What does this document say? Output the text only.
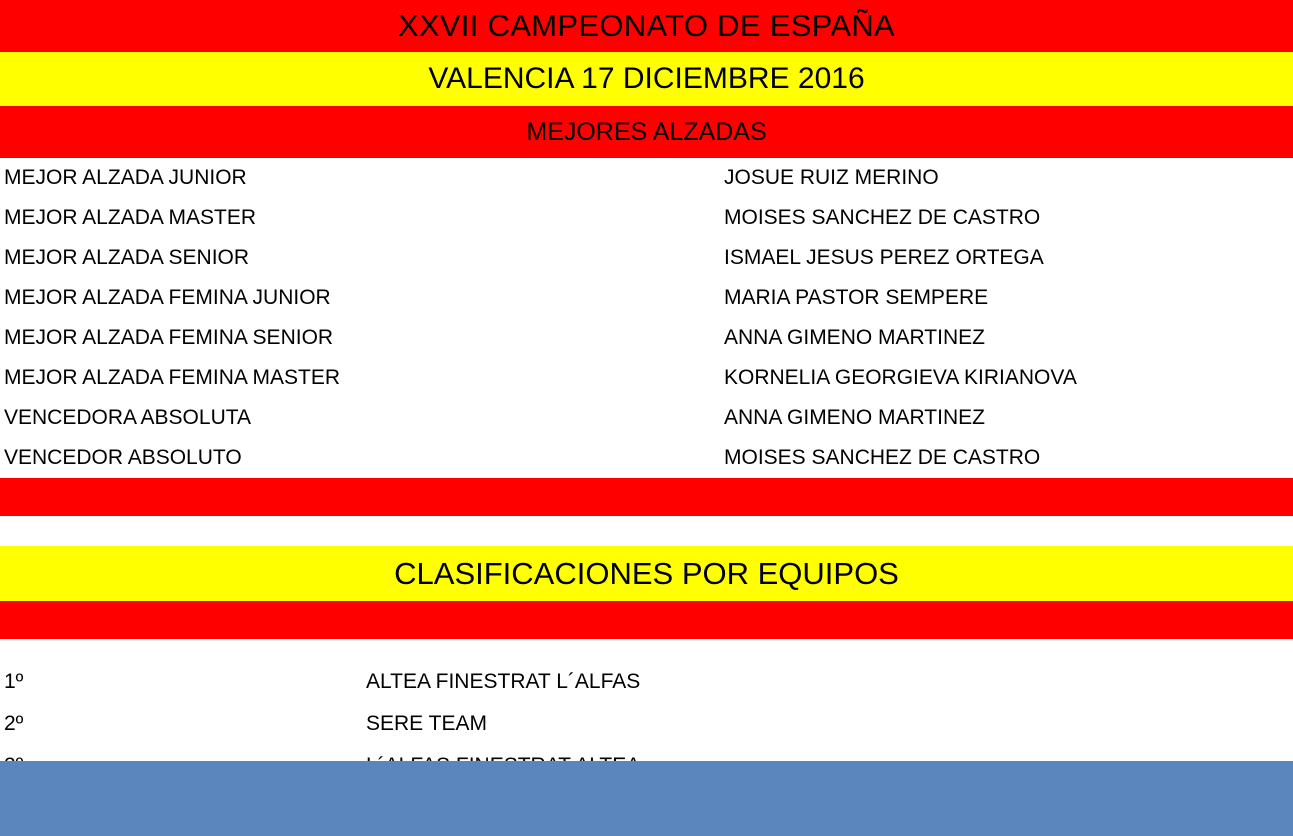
XXVII CAMPEONATO DE ESPAÑA
VALENCIA 17 DICIEMBRE 2016
MEJORES ALZADAS
MEJOR ALZADA JUNIOR	JOSUE RUIZ MERINO
MEJOR ALZADA MASTER	MOISES SANCHEZ DE CASTRO
MEJOR ALZADA SENIOR	ISMAEL JESUS PEREZ ORTEGA
MEJOR ALZADA FEMINA JUNIOR	MARIA PASTOR SEMPERE
MEJOR ALZADA FEMINA SENIOR	ANNA GIMENO MARTINEZ
MEJOR ALZADA FEMINA MASTER	KORNELIA GEORGIEVA KIRIANOVA
VENCEDORA ABSOLUTA	ANNA GIMENO MARTINEZ
VENCEDOR ABSOLUTO	MOISES SANCHEZ DE CASTRO
CLASIFICACIONES POR EQUIPOS
1º	ALTEA FINESTRAT L´ALFAS
2º	SERE TEAM
